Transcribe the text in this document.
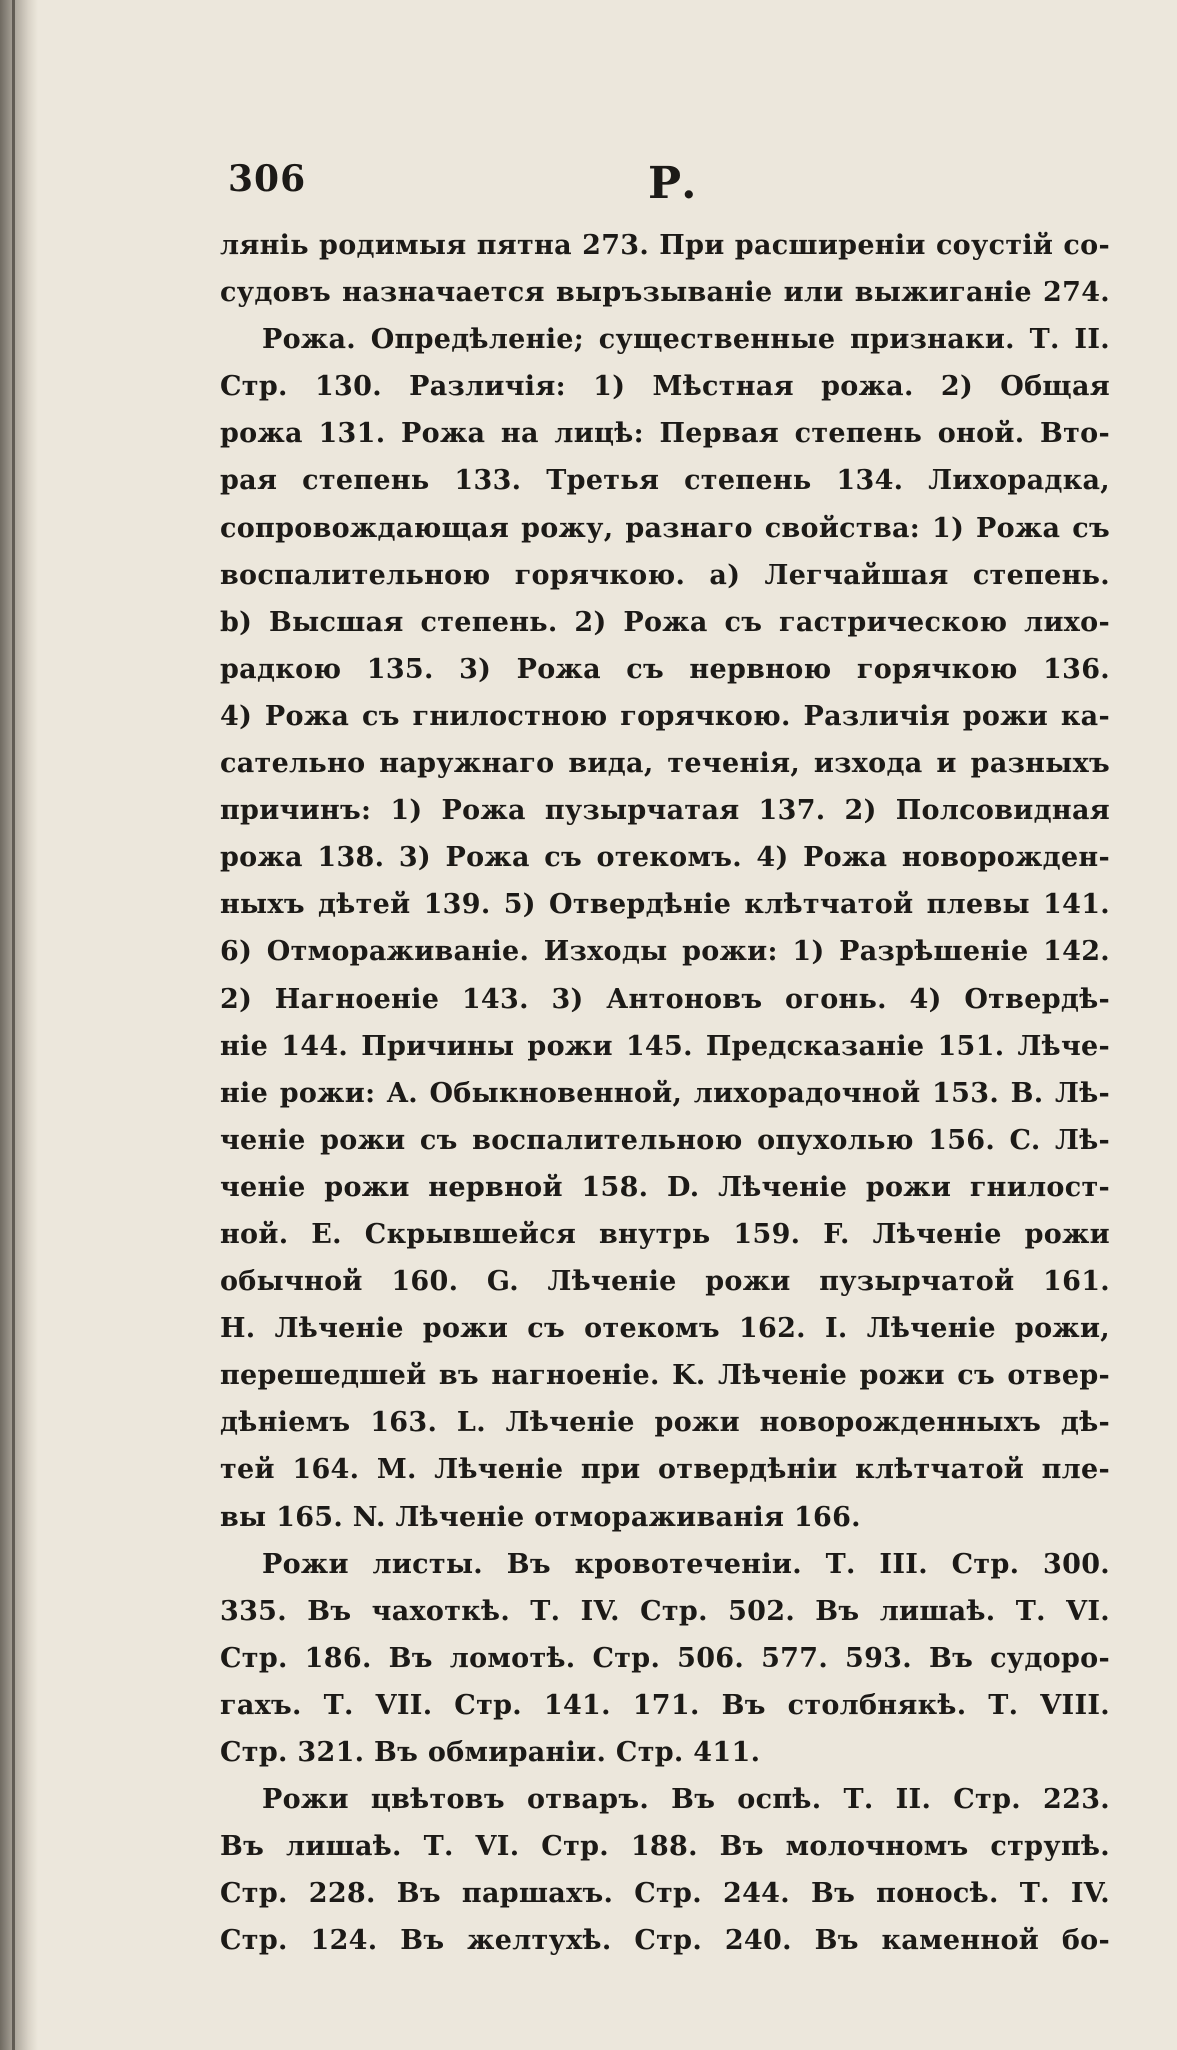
306	Р.
ляніь родимыя пятна 273. При расширеніи соустій со-
судовъ назначается выръзываніе или выжиганіе 274.
Рожа. Опредѣленіе; существенные признаки. Т. II.
Стр. 130. Различія: 1) Мѣстная рожа. 2) Общая
рожа 131. Рожа на лицѣ: Первая степень оной. Вто-
рая степень 133. Третья степень 134. Лихорадка,
сопровождающая рожу, разнаго свойства: 1) Рожа съ
воспалительною горячкою. а) Легчайшая степень.
b) Высшая степень. 2) Рожа съ гастрическою лихо-
радкою 135. 3) Рожа съ нервною горячкою 136.
4) Рожа съ гнилостною горячкою. Различія рожи ка-
сательно наружнаго вида, теченія, изхода и разныхъ
причинъ: 1) Рожа пузырчатая 137. 2) Полсовидная
рожа 138. 3) Рожа съ отекомъ. 4) Рожа новорожден-
ныхъ дѣтей 139. 5) Отвердѣніе клѣтчатой плевы 141.
6) Отмораживаніе. Изходы рожи: 1) Разрѣшеніе 142.
2) Нагноеніе 143. 3) Антоновъ огонь. 4) Отвердѣ-
ніе 144. Причины рожи 145. Предсказаніе 151. Лѣче-
ніе рожи: A. Обыкновенной, лихорадочной 153. B. Лѣ-
ченіе рожи съ воспалительною опухолью 156. C. Лѣ-
ченіе рожи нервной 158. D. Лѣченіе рожи гнилост-
ной. E. Скрывшейся внутрь 159. F. Лѣченіе рожи
обычной 160. G. Лѣченіе рожи пузырчатой 161.
H. Лѣченіе рожи съ отекомъ 162. I. Лѣченіе рожи,
перешедшей въ нагноеніе. K. Лѣченіе рожи съ отвер-
дѣніемъ 163. L. Лѣченіе рожи новорожденныхъ дѣ-
тей 164. M. Лѣченіе при отвердѣніи клѣтчатой пле-
вы 165. N. Лѣченіе отмораживанія 166.
Рожи листы. Въ кровотеченіи. Т. III. Стр. 300.
335. Въ чахоткѣ. Т. IV. Стр. 502. Въ лишаѣ. Т. VI.
Стр. 186. Въ ломотѣ. Стр. 506. 577. 593. Въ судоро-
гахъ. Т. VII. Стр. 141. 171. Въ столбнякѣ. Т. VIII.
Стр. 321. Въ обмираніи. Стр. 411.
Рожи цвѣтовъ отваръ. Въ оспѣ. Т. II. Стр. 223.
Въ лишаѣ. Т. VI. Стр. 188. Въ молочномъ струпѣ.
Стр. 228. Въ паршахъ. Стр. 244. Въ поносѣ. Т. IV.
Стр. 124. Въ желтухѣ. Стр. 240. Въ каменной бо-
